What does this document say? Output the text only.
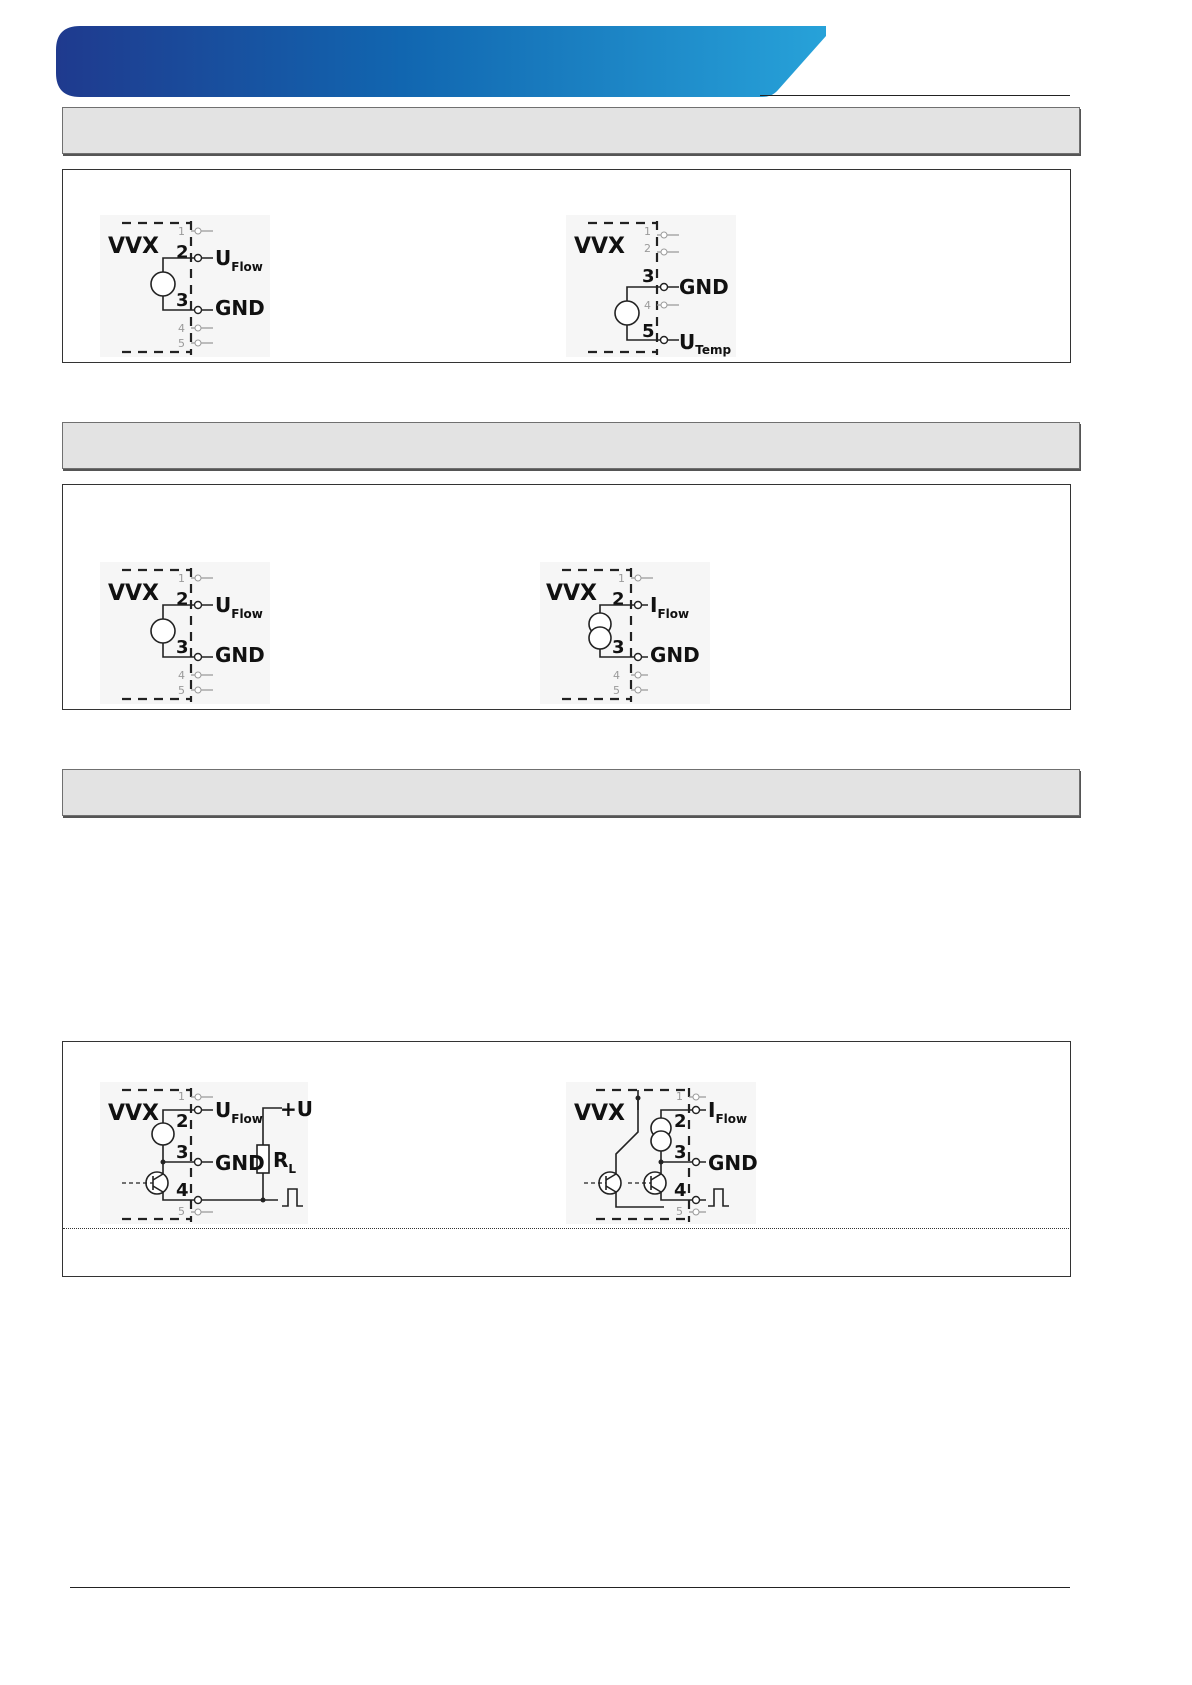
VVX
1
2 $U_{Flow}$
3 GND
4
5
VVX
1
2
3 GND
4
5 $U_{Temp}$
VVX
1
2 $U_{Flow}$
3 GND
4
5
VVX
1
2 $I_{Flow}$
3 GND
4
5
VVX
1
2 $U_{Flow} +U$
$R_L$
3 GND
4
5
VVX
1
2 $I_{Flow}$
3 GND
4
5
